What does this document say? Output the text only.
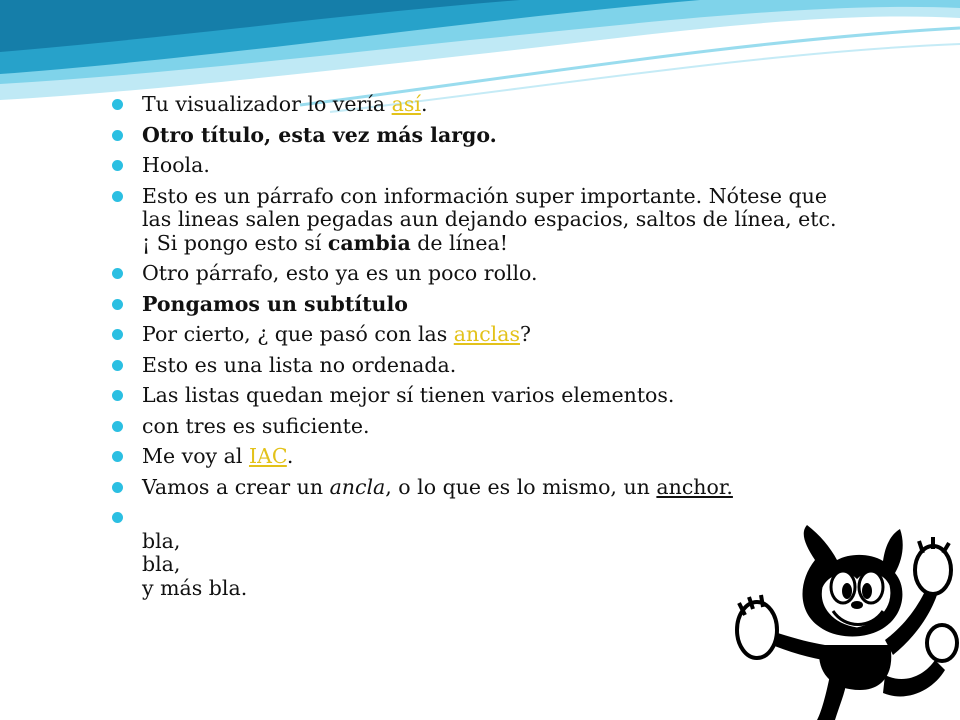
Tu visualizador lo vería así.
Otro título, esta vez más largo.
Hoola.
Esto es un párrafo con información super importante. Nótese que
las lineas salen pegadas aun dejando espacios, saltos de línea, etc.
¡ Si pongo esto sí cambia de línea!
Otro párrafo, esto ya es un poco rollo.
Pongamos un subtítulo
Por cierto, ¿ que pasó con las anclas?
Esto es una lista no ordenada.
Las listas quedan mejor sí tienen varios elementos.
con tres es suficiente.
Me voy al IAC.
Vamos a crear un ancla, o lo que es lo mismo, un anchor.

bla,
bla,
y más bla.
